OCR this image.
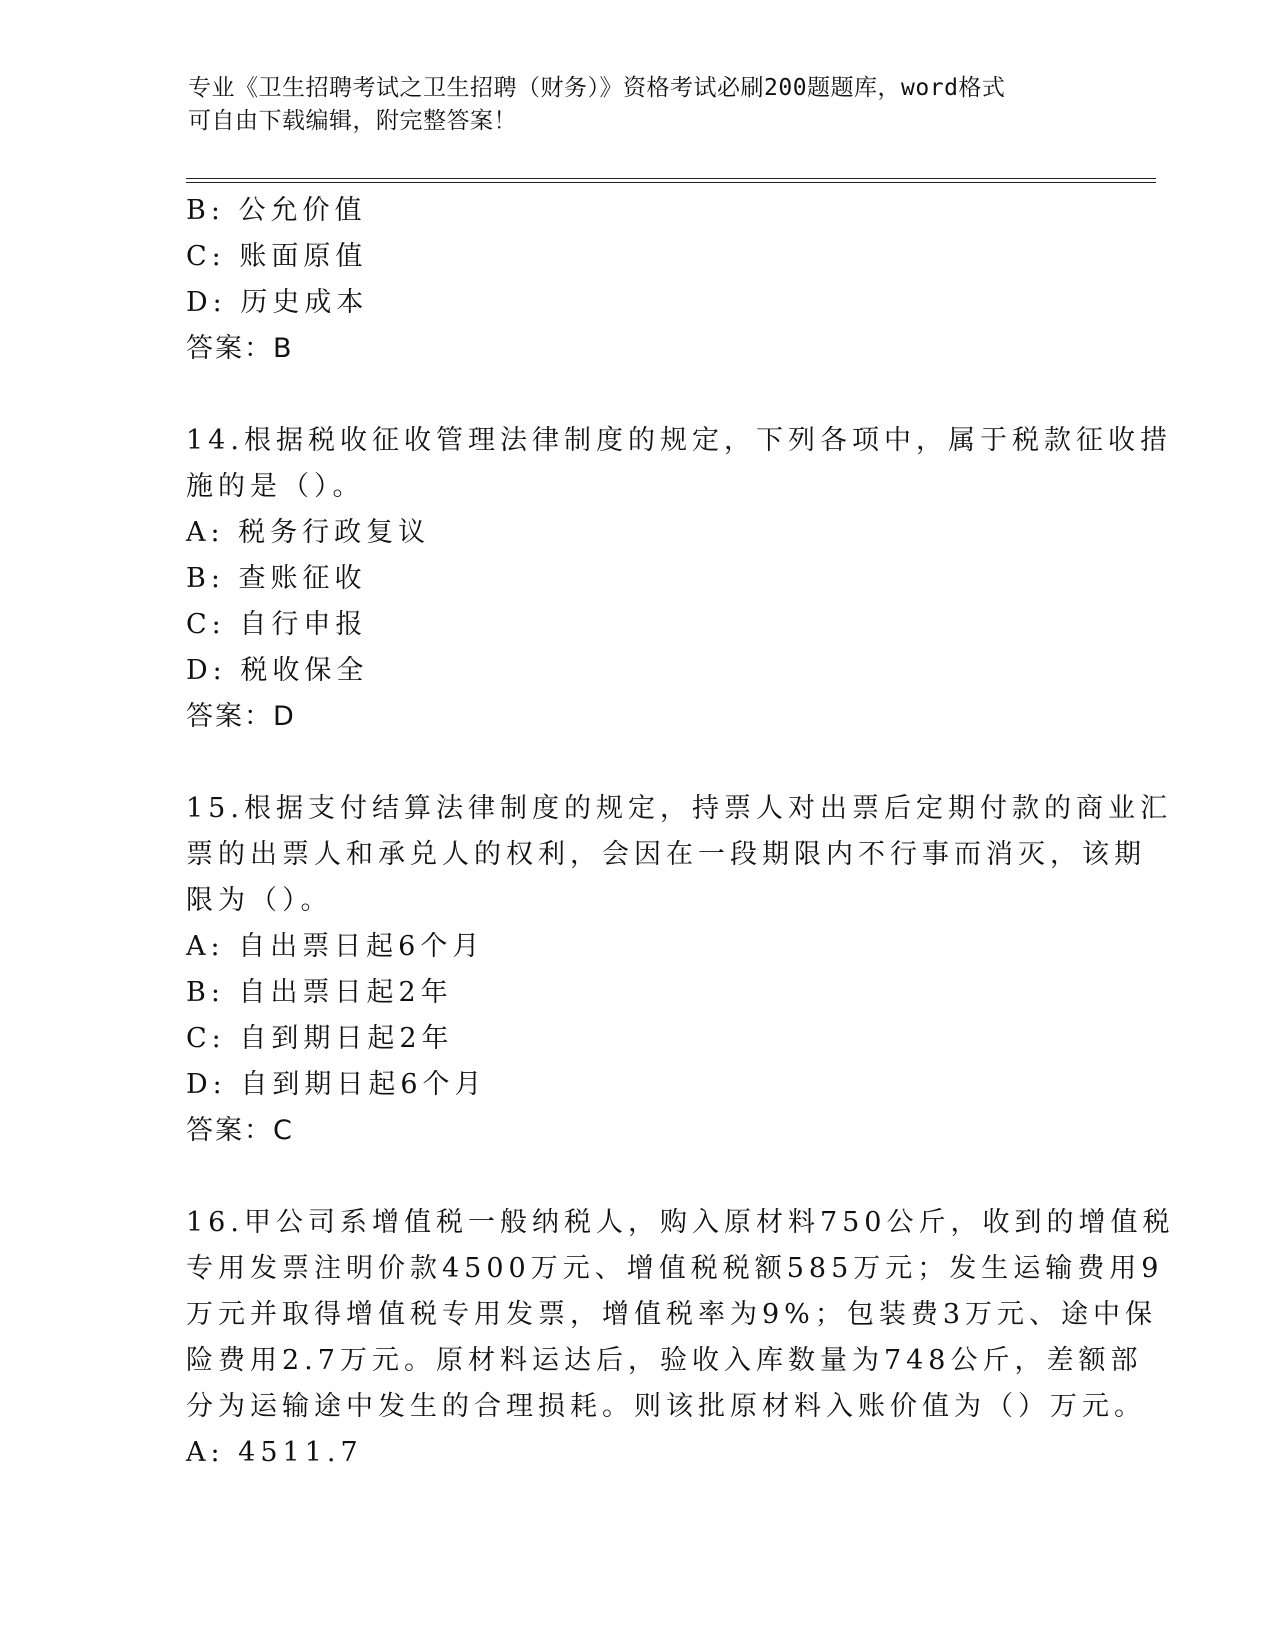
专业《卫生招聘考试之卫生招聘（财务）》资格考试必刷200题题库，word格式
可自由下载编辑，附完整答案！
B: 公允价值
C: 账面原值
D: 历史成本
答案：B
14.根据税收征收管理法律制度的规定，下列各项中，属于税款征收措
施的是（）。
A: 税务行政复议
B: 查账征收
C: 自行申报
D: 税收保全
答案：D
15.根据支付结算法律制度的规定，持票人对出票后定期付款的商业汇
票的出票人和承兑人的权利，会因在一段期限内不行事而消灭，该期
限为（）。
A: 自出票日起6个月
B: 自出票日起2年
C: 自到期日起2年
D: 自到期日起6个月
答案：C
16.甲公司系增值税一般纳税人，购入原材料750公斤，收到的增值税
专用发票注明价款4500万元、增值税税额585万元；发生运输费用9
万元并取得增值税专用发票，增值税率为9%；包装费3万元、途中保
险费用2.7万元。原材料运达后，验收入库数量为748公斤，差额部
分为运输途中发生的合理损耗。则该批原材料入账价值为（）万元。
A: 4511.7
